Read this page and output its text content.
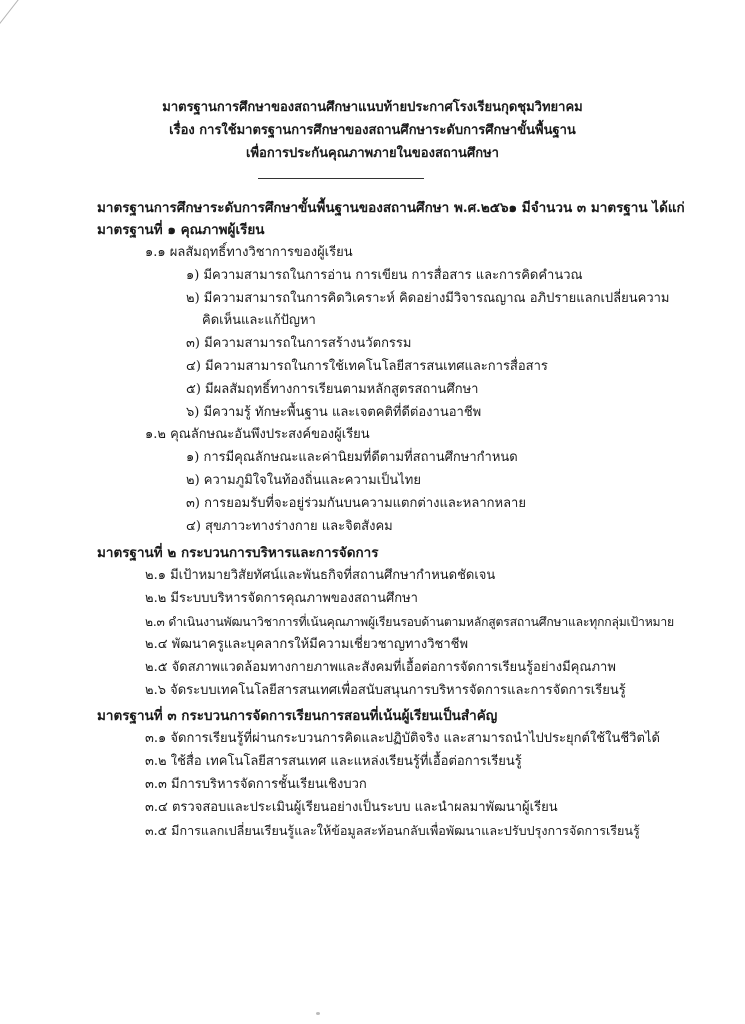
มาตรฐานการศึกษาของสถานศึกษาแนบท้ายประกาศโรงเรียนกุดชุมวิทยาคม
เรื่อง การใช้มาตรฐานการศึกษาของสถานศึกษาระดับการศึกษาขั้นพื้นฐาน
เพื่อการประกันคุณภาพภายในของสถานศึกษา
มาตรฐานการศึกษาระดับการศึกษาขั้นพื้นฐานของสถานศึกษา พ.ศ.๒๕๖๑ มีจำนวน ๓ มาตรฐาน ได้แก่
มาตรฐานที่ ๑ คุณภาพผู้เรียน
๑.๑ ผลสัมฤทธิ์ทางวิชาการของผู้เรียน
๑) มีความสามารถในการอ่าน การเขียน การสื่อสาร และการคิดคำนวณ
๒) มีความสามารถในการคิดวิเคราะห์ คิดอย่างมีวิจารณญาณ อภิปรายแลกเปลี่ยนความ
คิดเห็นและแก้ปัญหา
๓) มีความสามารถในการสร้างนวัตกรรม
๔) มีความสามารถในการใช้เทคโนโลยีสารสนเทศและการสื่อสาร
๕) มีผลสัมฤทธิ์ทางการเรียนตามหลักสูตรสถานศึกษา
๖) มีความรู้ ทักษะพื้นฐาน และเจตคติที่ดีต่องานอาชีพ
๑.๒ คุณลักษณะอันพึงประสงค์ของผู้เรียน
๑) การมีคุณลักษณะและค่านิยมที่ดีตามที่สถานศึกษากำหนด
๒) ความภูมิใจในท้องถิ่นและความเป็นไทย
๓) การยอมรับที่จะอยู่ร่วมกันบนความแตกต่างและหลากหลาย
๔) สุขภาวะทางร่างกาย และจิตสังคม
มาตรฐานที่ ๒ กระบวนการบริหารและการจัดการ
๒.๑ มีเป้าหมายวิสัยทัศน์และพันธกิจที่สถานศึกษากำหนดชัดเจน
๒.๒ มีระบบบริหารจัดการคุณภาพของสถานศึกษา
๒.๓ ดำเนินงานพัฒนาวิชาการที่เน้นคุณภาพผู้เรียนรอบด้านตามหลักสูตรสถานศึกษาและทุกกลุ่มเป้าหมาย
๒.๔ พัฒนาครูและบุคลากรให้มีความเชี่ยวชาญทางวิชาชีพ
๒.๕ จัดสภาพแวดล้อมทางกายภาพและสังคมที่เอื้อต่อการจัดการเรียนรู้อย่างมีคุณภาพ
๒.๖ จัดระบบเทคโนโลยีสารสนเทศเพื่อสนับสนุนการบริหารจัดการและการจัดการเรียนรู้
มาตรฐานที่ ๓ กระบวนการจัดการเรียนการสอนที่เน้นผู้เรียนเป็นสำคัญ
๓.๑ จัดการเรียนรู้ที่ผ่านกระบวนการคิดและปฏิบัติจริง และสามารถนำไปประยุกต์ใช้ในชีวิตได้
๓.๒ ใช้สื่อ เทคโนโลยีสารสนเทศ และแหล่งเรียนรู้ที่เอื้อต่อการเรียนรู้
๓.๓ มีการบริหารจัดการชั้นเรียนเชิงบวก
๓.๔ ตรวจสอบและประเมินผู้เรียนอย่างเป็นระบบ และนำผลมาพัฒนาผู้เรียน
๓.๕ มีการแลกเปลี่ยนเรียนรู้และให้ข้อมูลสะท้อนกลับเพื่อพัฒนาและปรับปรุงการจัดการเรียนรู้
